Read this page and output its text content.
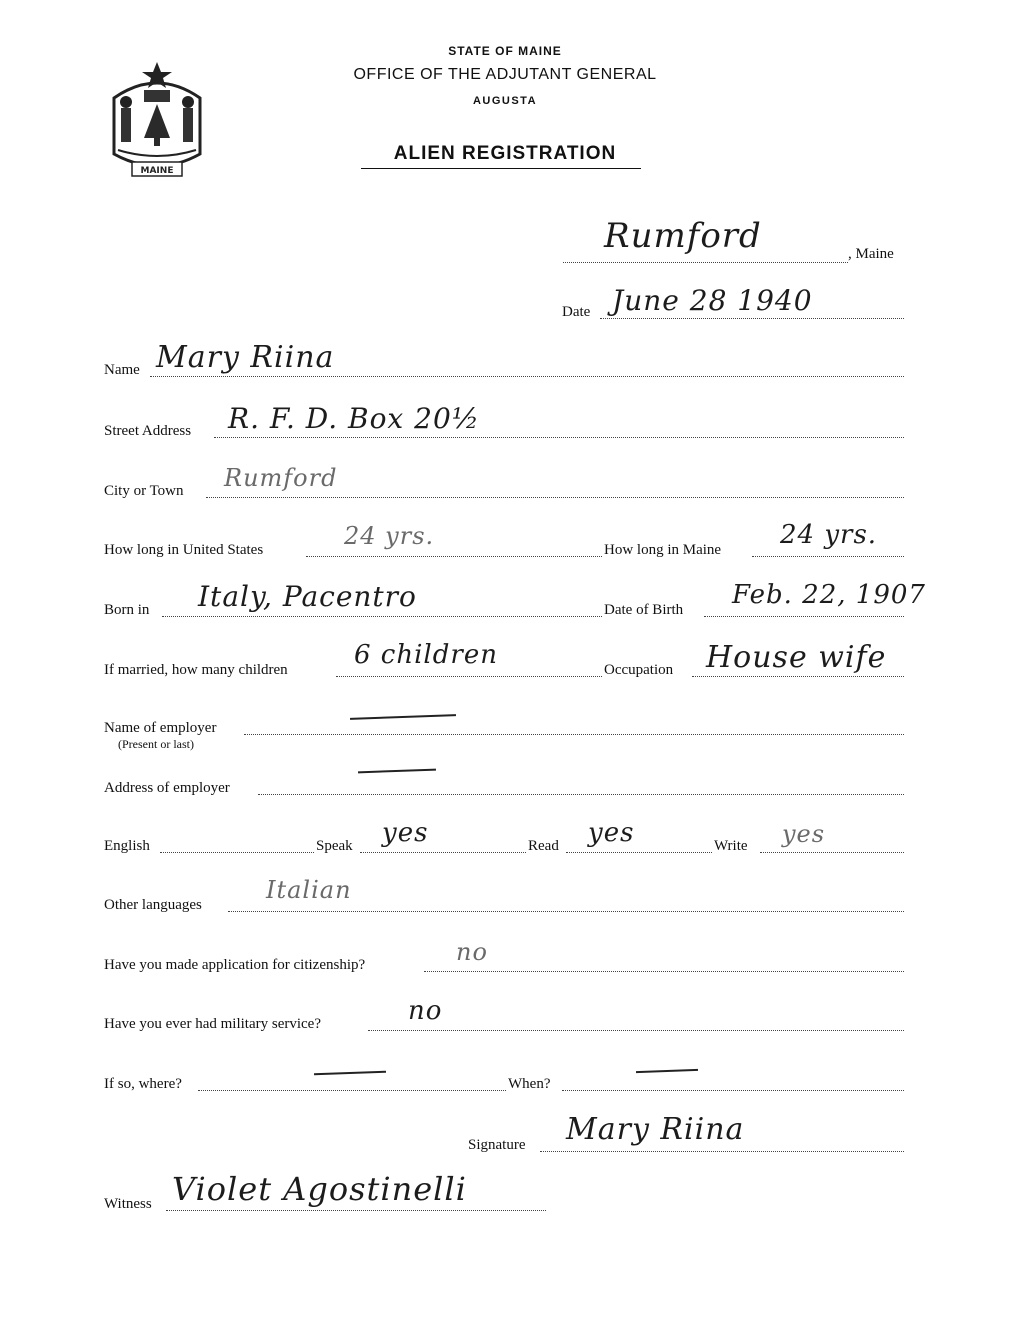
MAINE
STATE OF MAINE
OFFICE OF THE ADJUTANT GENERAL
AUGUSTA
ALIEN REGISTRATION
Rumford	, Maine
Date June 28 1940
Name Mary Riina
Street Address R. F. D. Box 20½
City or Town Rumford
How long in United States	24 yrs.	How long in Maine 24 yrs.
Born in Italy, Pacentro	Date of Birth Feb. 22, 1907
If married, how many children	6 children	Occupation House wife
Name of employer
(Present or last)
Address of employer
English	Speak yes	Read yes	Write yes
Other languages
Italian
Have you made application for citizenship?	no
Have you ever had military service?	no
If so, where?	When?
Signature Mary Riina
Witness Violet Agostinelli
